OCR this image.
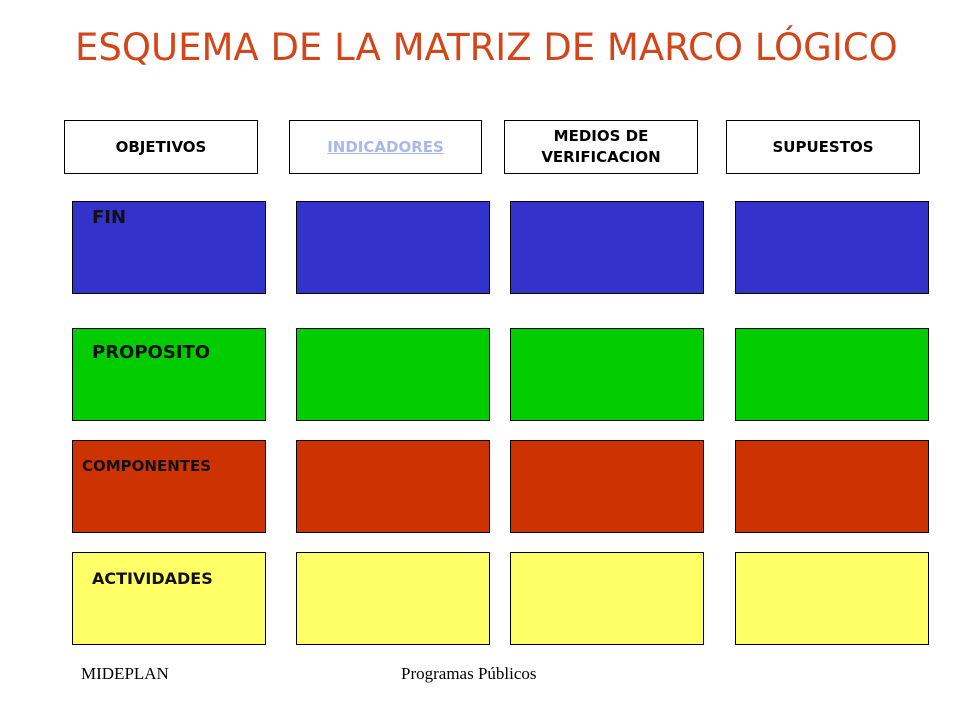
ESQUEMA DE LA MATRIZ DE MARCO LÓGICO
OBJETIVOS	INDICADORES
MEDIOS DE
VERIFICACION
SUPUESTOS
FIN
PROPOSITO
COMPONENTES
ACTIVIDADES
MIDEPLAN	Programas Públicos
